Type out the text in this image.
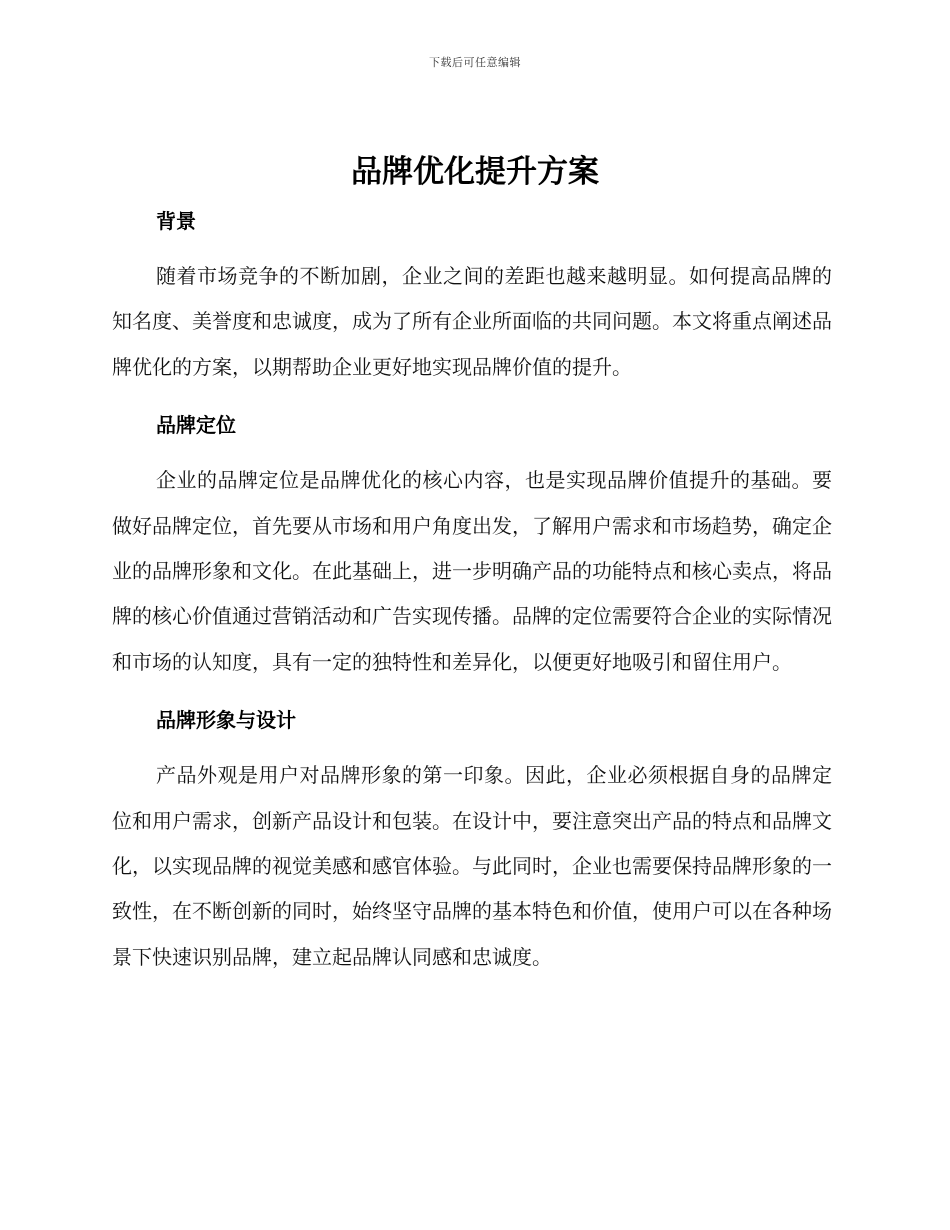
下载后可任意编辑
品牌优化提升方案
背景

随着市场竞争的不断加剧，企业之间的差距也越来越明显。如何提高品牌的知名度、美誉度和忠诚度，成为了所有企业所面临的共同问题。本文将重点阐述品牌优化的方案，以期帮助企业更好地实现品牌价值的提升。

品牌定位

企业的品牌定位是品牌优化的核心内容，也是实现品牌价值提升的基础。要做好品牌定位，首先要从市场和用户角度出发，了解用户需求和市场趋势，确定企业的品牌形象和文化。在此基础上，进一步明确产品的功能特点和核心卖点，将品牌的核心价值通过营销活动和广告实现传播。品牌的定位需要符合企业的实际情况和市场的认知度，具有一定的独特性和差异化，以便更好地吸引和留住用户。

品牌形象与设计

产品外观是用户对品牌形象的第一印象。因此，企业必须根据自身的品牌定位和用户需求，创新产品设计和包装。在设计中，要注意突出产品的特点和品牌文化，以实现品牌的视觉美感和感官体验。与此同时，企业也需要保持品牌形象的一致性，在不断创新的同时，始终坚守品牌的基本特色和价值，使用户可以在各种场景下快速识别品牌，建立起品牌认同感和忠诚度。
